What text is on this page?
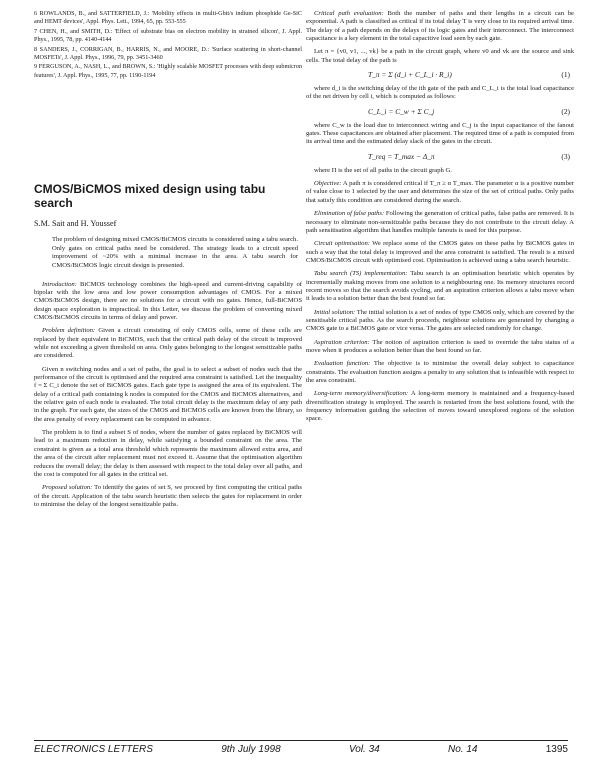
6 ROWLANDS, B., and SATTERFIELD, J.: 'Mobility effects in multi-Gbit/s indium phosphide Ge-SiC and HEMT devices', Appl. Phys. Lett., 1994, 65, pp. 553-555

7 CHEN, H., and SMITH, D.: 'Effect of substrate bias on electron mobility in strained silicon', J. Appl. Phys., 1995, 78, pp. 4140-4144

8 SANDERS, J., CORRIGAN, B., HARRIS, N., and MOORE, D.: 'Surface scattering in short-channel MOSFETs', J. Appl. Phys., 1996, 79, pp. 3451-3460

9 FERGUSON, A., NASH, L., and BROWN, S.: 'Highly scalable MOSFET processes with deep submicron features', J. Appl. Phys., 1995, 77, pp. 1190-1194

CMOS/BiCMOS mixed design using tabu search
S.M. Sait and H. Youssef
The problem of designing mixed CMOS/BiCMOS circuits is considered using a tabu search. Only gates on critical paths need be considered. The strategy leads to a circuit speed improvement of ~20% with a minimal increase in the area. A tabu search for CMOS/BiCMOS logic circuit design is presented.

Introduction: BiCMOS technology combines the high-speed and current-driving capability of bipolar with the low area and low power consumption advantages of CMOS. For a mixed CMOS/BiCMOS design, there are no solutions for a circuit with no gates. Hence, full-BiCMOS design space exploration is impractical. In this Letter, we discuss the problem of converting mixed CMOS/BiCMOS circuits in terms of delay and power.

Problem definition: Given a circuit consisting of only CMOS cells, some of these cells are replaced by their equivalent in BiCMOS, such that the critical path delay of the circuit is improved while not exceeding a given threshold on area. Only gates belonging to the longest sensitizable paths are considered.

Given n switching nodes and a set of paths, the goal is to select a subset of nodes such that the performance of the circuit is optimised and the required area constraint is satisfied. Let the inequality f = Σ C_i denote the set of BiCMOS gates. Each gate type is assigned the area of its equivalent. The delay of a critical path containing k nodes is computed for the CMOS and BiCMOS alternatives, and the relative gain of each node is evaluated. The total circuit delay is the maximum delay of any path in the graph. For each gate, the sizes of the CMOS and BiCMOS cells are known from the library, so the area penalty of every replacement can be computed in advance.

The problem is to find a subset S of nodes, where the number of gates replaced by BiCMOS will lead to a maximum reduction in delay, while satisfying a bounded constraint on the area. The constraint is given as a total area threshold which represents the maximum allowed extra area, and the area of the circuit after replacement must not exceed it. Assume that the optimisation algorithm reduces the overall delay; the delay is then assessed with respect to the total delay over all paths, and the cost is computed for all gates in the critical set.

Proposed solution: To identify the gates of set S, we proceed by first computing the critical paths of the circuit. Application of the tabu search heuristic then selects the gates for replacement in order to minimise the delay of the longest sensitizable paths.

Critical path evaluation: Both the number of paths and their lengths in a circuit can be exponential. A path is classified as critical if its total delay T is very close to its required arrival time. The delay of a path depends on the delays of its logic gates and their interconnect. The interconnect capacitance is a key element in the total capacitive load seen by each gate.

Let π = {v0, v1, ..., vk} be a path in the circuit graph, where v0 and vk are the source and sink cells. The total delay of the path is

T_π = Σ (d_i + C_L_i · R_i)	(1)

where d_i is the switching delay of the ith gate of the path and C_L_i is the total load capacitance of the net driven by cell i, which is computed as follows:

C_L_i = C_w + Σ C_j	(2)

where C_w is the load due to interconnect wiring and C_j is the input capacitance of the fanout gates. These capacitances are obtained after placement. The required time of a path is computed from its arrival time and the estimated delay slack of the gates in the circuit.

T_req = T_max − Δ_π	(3)

where Π is the set of all paths in the circuit graph G.

Objective: A path π is considered critical if T_π ≥ α T_max. The parameter α is a positive number of value close to 1 selected by the user and determines the size of the set of critical paths. Only paths that satisfy this condition are considered during the search.

Elimination of false paths: Following the generation of critical paths, false paths are removed. It is necessary to eliminate non-sensitizable paths because they do not contribute to the circuit delay. A path sensitisation algorithm that handles multiple fanouts is used for this purpose.

Circuit optimisation: We replace some of the CMOS gates on these paths by BiCMOS gates in such a way that the total delay is improved and the area constraint is satisfied. The result is a mixed CMOS/BiCMOS circuit with optimised cost. Optimisation is achieved using a tabu search heuristic.

Tabu search (TS) implementation: Tabu search is an optimisation heuristic which operates by incrementally making moves from one solution to a neighbouring one. Its memory structures record recent moves so that the search avoids cycling, and an aspiration criterion allows a tabu move when it leads to a solution better than the best found so far.

Initial solution: The initial solution is a set of nodes of type CMOS only, which are covered by the sensitisable critical paths. As the search proceeds, neighbour solutions are generated by changing a CMOS gate to a BiCMOS gate or vice versa. The gates are selected randomly for change.

Aspiration criterion: The notion of aspiration criterion is used to override the tabu status of a move when it produces a solution better than the best found so far.

Evaluation function: The objective is to minimise the overall delay subject to capacitance constraints. The evaluation function assigns a penalty to any solution that is infeasible with respect to the area constraint.

Long-term memory/diversification: A long-term memory is maintained and a frequency-based diversification strategy is employed. The search is restarted from the best solutions found, with the frequency information guiding the selection of moves toward unexplored regions of the solution space.

ELECTRONICS LETTERS	9th July 1998	Vol. 34	No. 14	1395
